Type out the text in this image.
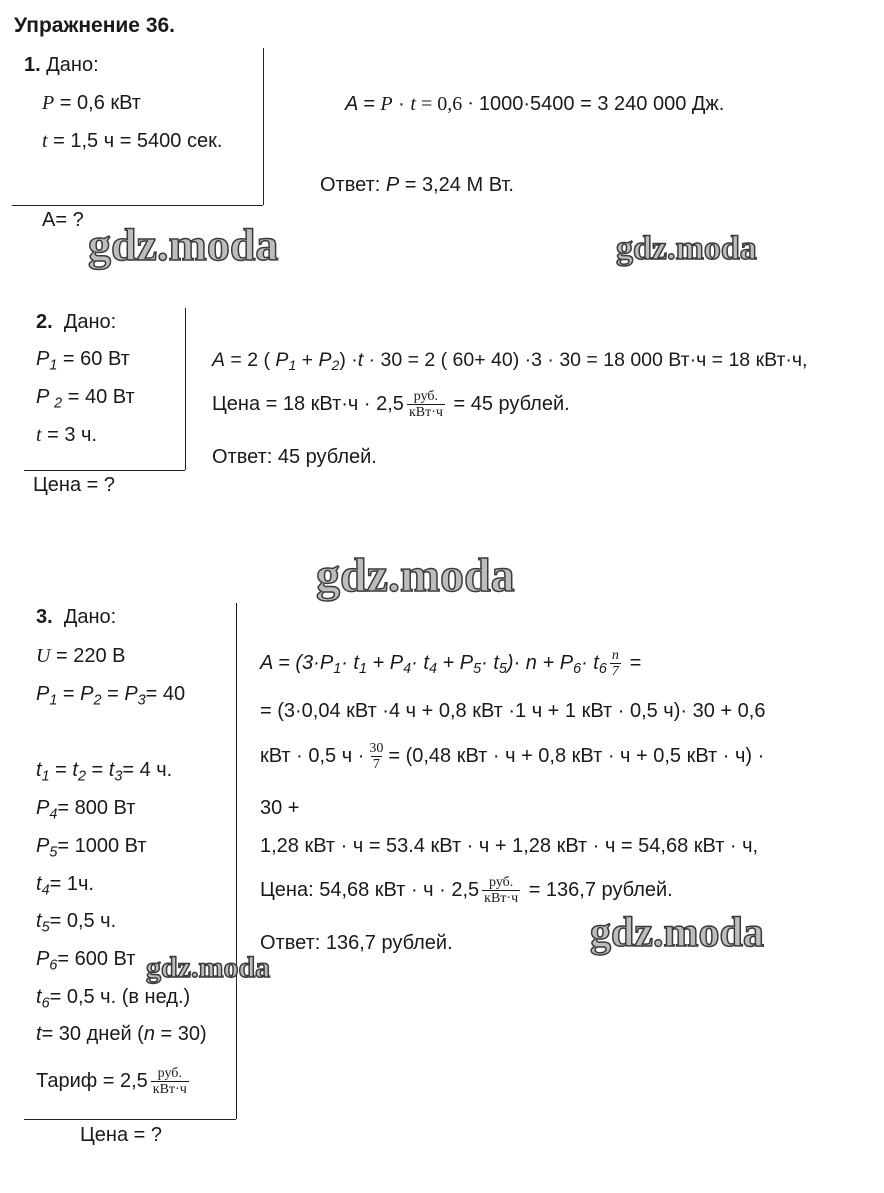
Упражнение 36.
1. Дано:
P = 0,6 кВт
t = 1,5 ч = 5400 сек.
A= ?
A = P · t = 0,6 · 1000·5400 = 3 240 000 Дж.
Ответ: P = 3,24 М Вт.
2. Дано:
$P_1 = 60$ Вт
P $_2$ = 40 Вт
t = 3 ч.
Цена = ?
A = 2 ( $P_1 + P_2) \cdot t \cdot 30 = 2$ ( 60+ 40) ·3 · 30 = 18 000 Вт·ч = 18 кВт·ч,
Цена = 18 $кВт\cdot ч \cdot 2,5 \frac{\text{руб.}}{\text{кВт·ч}} = 45$ рублей.
Ответ: 45 рублей.
3. Дано:
U = 220 В
$P_1 = P_2 = P_3= 40$
$t_1 = t_2 = t_3= 4$ ч.
$P_4= 800$ Вт
$P_5= 1000$ Вт
$t_4= 1ч$.
$t_5= 0,5$ ч.
$P_6= 600$ Вт
$t_6= 0,5$ ч. (в нед.)
t= 30 дней (n = 30)
Тариф = $2,5 \frac{\text{руб.}}{\text{кВт·ч}}$
Цена = ?
$A = (3\cdot P_1\cdot t_1 + P_4\cdot t_4 + P_5\cdot t_5)\cdot n + P_6\cdot t_6 \frac{n}{7}$ =
= (3·0,04 кВт ·4 ч + 0,8 кВт ·1 ч + 1 кВт · 0,5 ч)· 30 + 0,6
кВт · 0,5 $ч \cdot \frac{30}{7} = (0,48$ кВт · ч + 0,8 кВт · ч + 0,5 кВт · ч) ·
30 +
1,28 кВт · ч = 53.4 кВт · ч + 1,28 кВт · ч = 54,68 кВт · ч,
Цена: 54,68 кВт · $ч \cdot 2,5 \frac{\text{руб.}}{\text{кВт·ч}} = 136,7$ рублей.
Ответ: 136,7 рублей.
gdz.moda	gdz.moda
gdz.moda
gdz.moda
gdz.moda
